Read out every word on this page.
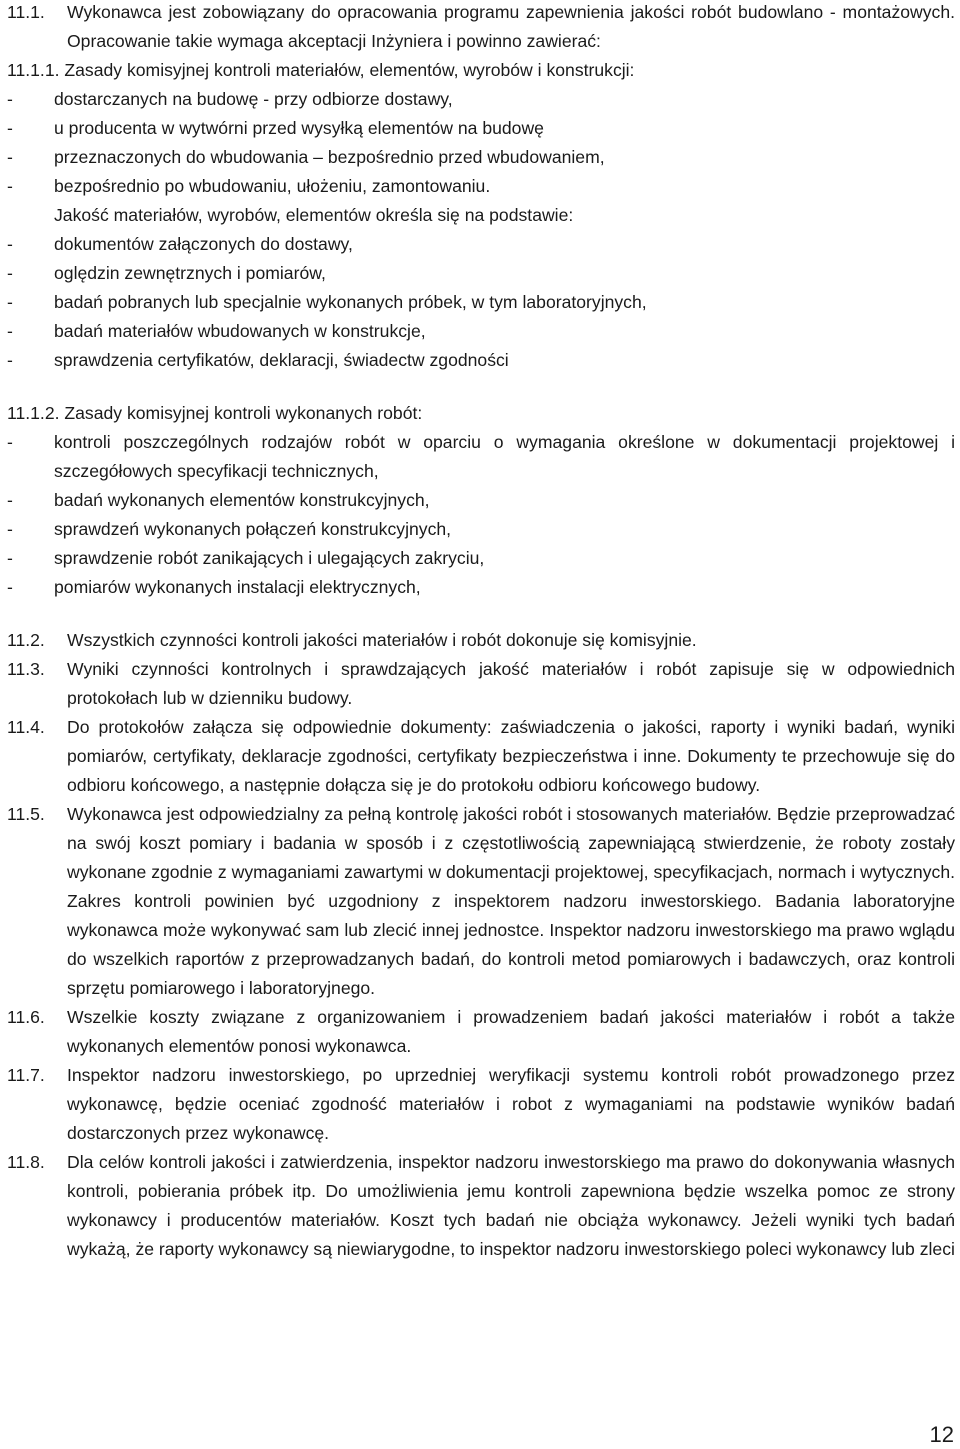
11.1.	Wykonawca jest zobowiązany do opracowania programu zapewnienia jakości robót budowlano - montażowych. Opracowanie takie wymaga akceptacji Inżyniera i powinno zawierać:
11.1.1. Zasady komisyjnej kontroli materiałów, elementów, wyrobów i konstrukcji:
-	dostarczanych na budowę - przy odbiorze dostawy,
-	u producenta w wytwórni przed wysyłką elementów na budowę
-	przeznaczonych do wbudowania – bezpośrednio przed wbudowaniem,
-	bezpośrednio po wbudowaniu, ułożeniu, zamontowaniu.
Jakość materiałów, wyrobów, elementów określa się na podstawie:
-	dokumentów załączonych do dostawy,
-	oględzin zewnętrznych i pomiarów,
-	badań pobranych lub specjalnie wykonanych próbek, w tym laboratoryjnych,
-	badań materiałów wbudowanych w konstrukcje,
-	sprawdzenia certyfikatów, deklaracji, świadectw zgodności
11.1.2. Zasady komisyjnej kontroli wykonanych robót:
-	kontroli poszczególnych rodzajów robót w oparciu o wymagania określone w dokumentacji projektowej i szczegółowych specyfikacji technicznych,
-	badań wykonanych elementów konstrukcyjnych,
-	sprawdzeń wykonanych połączeń konstrukcyjnych,
-	sprawdzenie robót zanikających i ulegających zakryciu,
-	pomiarów wykonanych instalacji elektrycznych,
11.2.	Wszystkich czynności kontroli jakości materiałów i robót dokonuje się komisyjnie.
11.3.	Wyniki czynności kontrolnych i sprawdzających jakość materiałów i robót zapisuje się w odpowiednich protokołach lub w dzienniku budowy.
11.4.	Do protokołów załącza się odpowiednie dokumenty: zaświadczenia o jakości, raporty i wyniki badań, wyniki pomiarów, certyfikaty, deklaracje zgodności, certyfikaty bezpieczeństwa i inne. Dokumenty te przechowuje się do odbioru końcowego, a następnie dołącza się je do protokołu odbioru końcowego budowy.
11.5.	Wykonawca jest odpowiedzialny za pełną kontrolę jakości robót i stosowanych materiałów. Będzie przeprowadzać na swój koszt pomiary i badania w sposób i z częstotliwością zapewniającą stwierdzenie, że roboty zostały wykonane zgodnie z wymaganiami zawartymi w dokumentacji projektowej, specyfikacjach, normach i wytycznych. Zakres kontroli powinien być uzgodniony z inspektorem nadzoru inwestorskiego. Badania laboratoryjne wykonawca może wykonywać sam lub zlecić innej jednostce. Inspektor nadzoru inwestorskiego ma prawo wglądu do wszelkich raportów z przeprowadzanych badań, do kontroli metod pomiarowych i badawczych, oraz kontroli sprzętu pomiarowego i laboratoryjnego.
11.6.	Wszelkie koszty związane z organizowaniem i prowadzeniem badań jakości materiałów i robót a także wykonanych elementów ponosi wykonawca.
11.7.	Inspektor nadzoru inwestorskiego, po uprzedniej weryfikacji systemu kontroli robót prowadzonego przez wykonawcę, będzie oceniać zgodność materiałów i robot z wymaganiami na podstawie wyników badań dostarczonych przez wykonawcę.
11.8.	Dla celów kontroli jakości i zatwierdzenia, inspektor nadzoru inwestorskiego ma prawo do dokonywania własnych kontroli, pobierania próbek itp. Do umożliwienia jemu kontroli zapewniona będzie wszelka pomoc ze strony wykonawcy i producentów materiałów. Koszt tych badań nie obciąża wykonawcy. Jeżeli wyniki tych badań wykażą, że raporty wykonawcy są niewiarygodne, to inspektor nadzoru inwestorskiego poleci wykonawcy lub zleci
12
